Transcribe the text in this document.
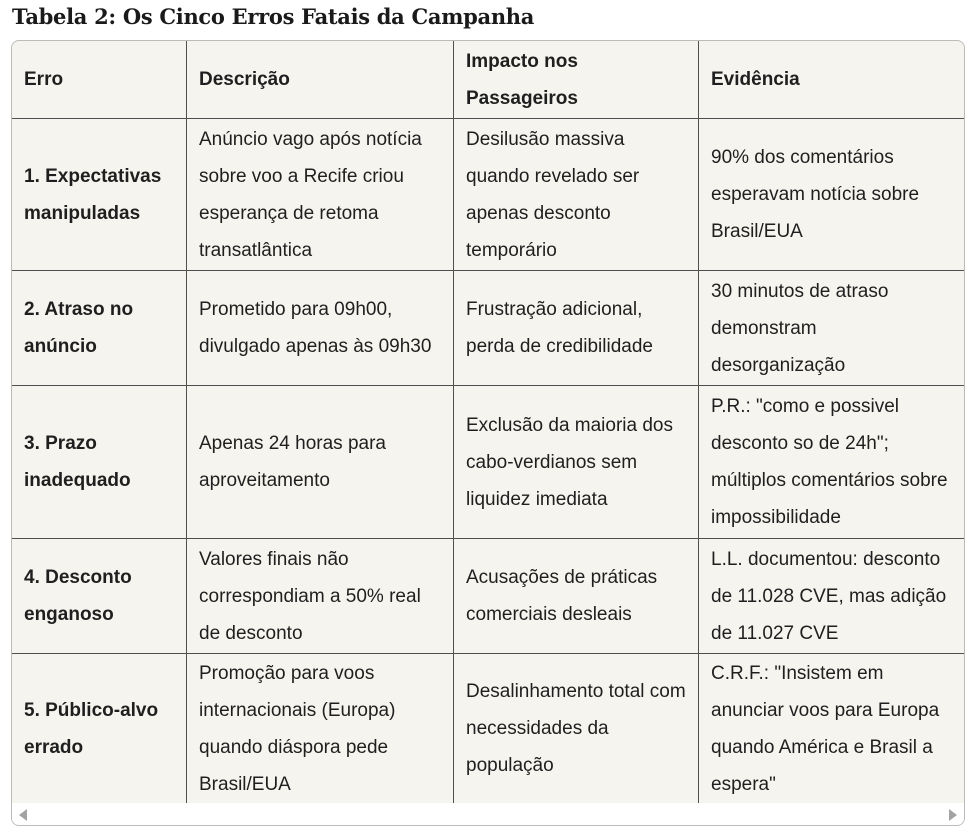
Tabela 2: Os Cinco Erros Fatais da Campanha
Erro	Descrição	Impacto nos Passageiros	Evidência
1. Expectativas manipuladas	Anúncio vago após notícia sobre voo a Recife criou esperança de retoma transatlântica	Desilusão massiva quando revelado ser apenas desconto temporário	90% dos comentários esperavam notícia sobre Brasil/EUA
2. Atraso no anúncio	Prometido para 09h00, divulgado apenas às 09h30	Frustração adicional, perda de credibilidade	30 minutos de atraso demonstram desorganização
3. Prazo inadequado	Apenas 24 horas para aproveitamento	Exclusão da maioria dos cabo-verdianos sem liquidez imediata	P.R.: "como e possivel desconto so de 24h"; múltiplos comentários sobre impossibilidade
4. Desconto enganoso	Valores finais não correspondiam a 50% real de desconto	Acusações de práticas comerciais desleais	L.L. documentou: desconto de 11.028 CVE, mas adição de 11.027 CVE
5. Público-alvo errado	Promoção para voos internacionais (Europa) quando diáspora pede Brasil/EUA	Desalinhamento total com necessidades da população	C.R.F.: "Insistem em anunciar voos para Europa quando América e Brasil a espera"
